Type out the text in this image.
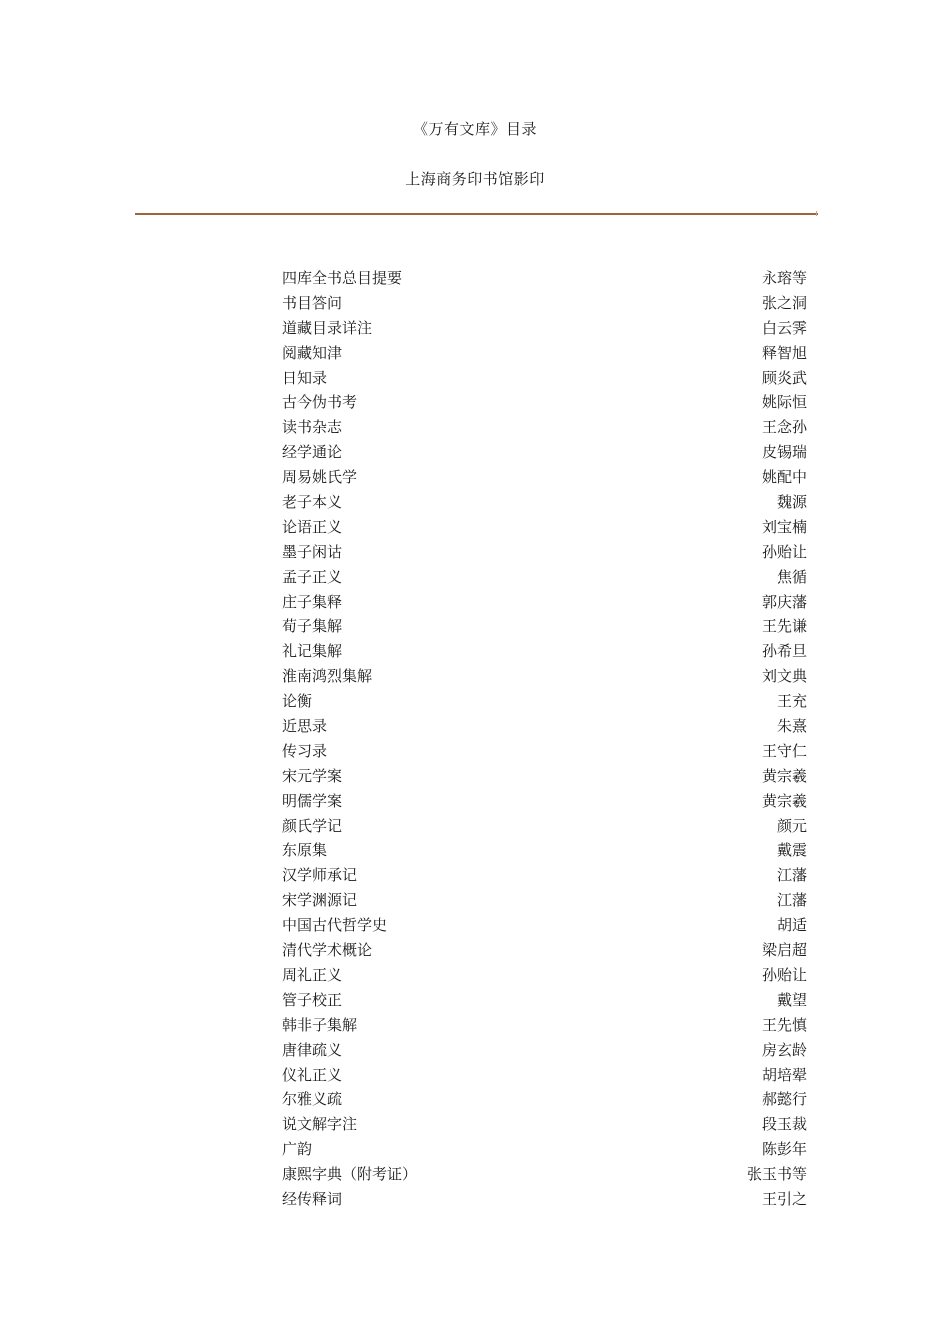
《万有文库》目录
上海商务印书馆影印
四库全书总目提要	永瑢等
书目答问	张之洞
道藏目录详注	白云霁
阅藏知津	释智旭
日知录	顾炎武
古今伪书考	姚际恒
读书杂志	王念孙
经学通论	皮锡瑞
周易姚氏学	姚配中
老子本义	魏源
论语正义	刘宝楠
墨子闲诂	孙贻让
孟子正义	焦循
庄子集释	郭庆藩
荀子集解	王先谦
礼记集解	孙希旦
淮南鸿烈集解	刘文典
论衡	王充
近思录	朱熹
传习录	王守仁
宋元学案	黄宗羲
明儒学案	黄宗羲
颜氏学记	颜元
东原集	戴震
汉学师承记	江藩
宋学渊源记	江藩
中国古代哲学史	胡适
清代学术概论	梁启超
周礼正义	孙贻让
管子校正	戴望
韩非子集解	王先慎
唐律疏义	房玄龄
仪礼正义	胡培翚
尔雅义疏	郝懿行
说文解字注	段玉裁
广韵	陈彭年
康熙字典（附考证）	张玉书等
经传释词	王引之
